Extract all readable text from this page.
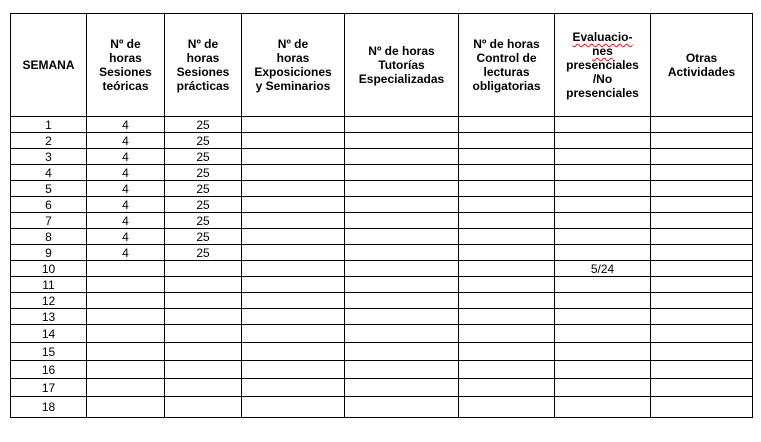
SEMANA	Nº de
horas
Sesiones
teóricas	Nº de
horas
Sesiones
prácticas	Nº de
horas
Exposiciones
y Seminarios	Nº de horas
Tutorías
Especializadas	Nº de horas
Control de
lecturas
obligatorias	Evaluacio-
nes
presenciales
/No
presenciales	Otras
Actividades

1	4	25					
2	4	25					
3	4	25					
4	4	25					
5	4	25					
6	4	25					
7	4	25					
8	4	25					
9	4	25					
10						5/24	
11							
12							
13							
14							
15							
16							
17							
18							
